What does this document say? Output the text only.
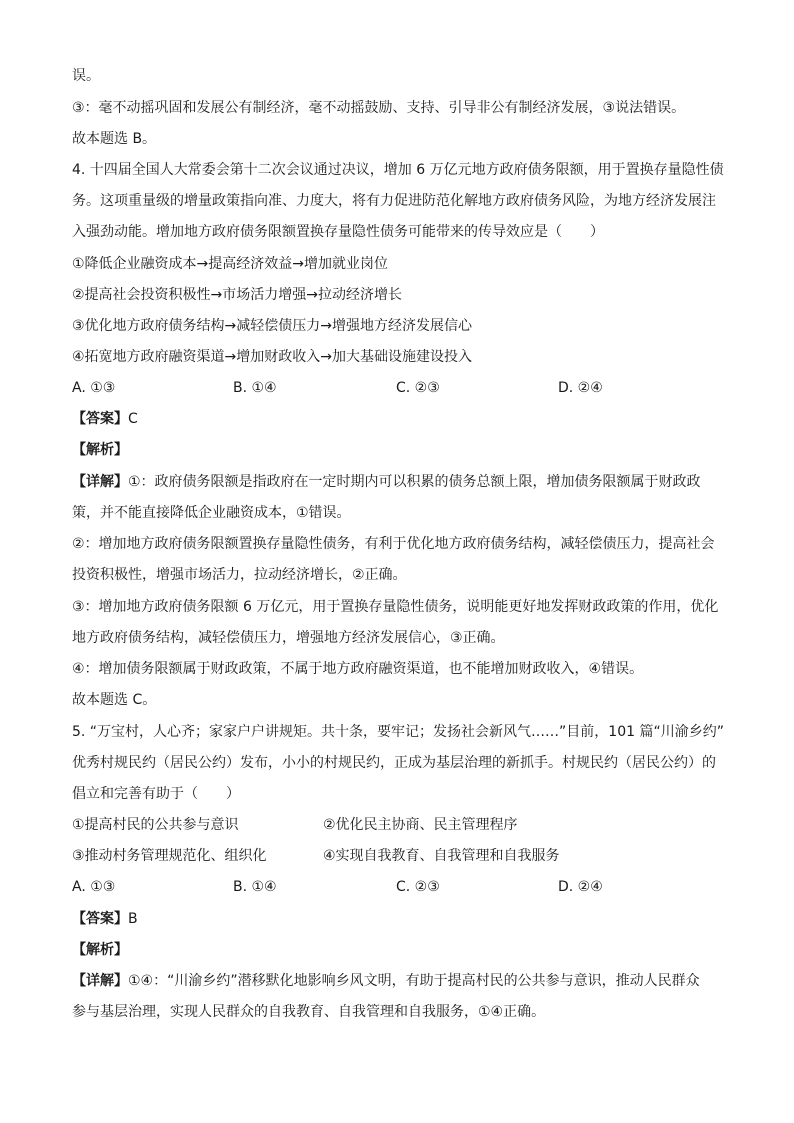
误。
③：毫不动摇巩固和发展公有制经济，毫不动摇鼓励、支持、引导非公有制经济发展，③说法错误。
故本题选 B。
4. 十四届全国人大常委会第十二次会议通过决议，增加 6 万亿元地方政府债务限额，用于置换存量隐性债
务。这项重量级的增量政策指向准、力度大，将有力促进防范化解地方政府债务风险，为地方经济发展注
入强劲动能。增加地方政府债务限额置换存量隐性债务可能带来的传导效应是（　　）
①降低企业融资成本→提高经济效益→增加就业岗位
②提高社会投资积极性→市场活力增强→拉动经济增长
③优化地方政府债务结构→减轻偿债压力→增强地方经济发展信心
④拓宽地方政府融资渠道→增加财政收入→加大基础设施建设投入
A. ①③	B. ①④	C. ②③	D. ②④
【答案】C
【解析】
【详解】①：政府债务限额是指政府在一定时期内可以积累的债务总额上限，增加债务限额属于财政政
策，并不能直接降低企业融资成本，①错误。
②：增加地方政府债务限额置换存量隐性债务，有利于优化地方政府债务结构，减轻偿债压力，提高社会
投资积极性，增强市场活力，拉动经济增长，②正确。
③：增加地方政府债务限额 6 万亿元，用于置换存量隐性债务，说明能更好地发挥财政政策的作用，优化
地方政府债务结构，减轻偿债压力，增强地方经济发展信心，③正确。
④：增加债务限额属于财政政策，不属于地方政府融资渠道，也不能增加财政收入，④错误。
故本题选 C。
5. “万宝村，人心齐；家家户户讲规矩。共十条，要牢记；发扬社会新风气……”目前，101 篇“川渝乡约”
优秀村规民约（居民公约）发布，小小的村规民约，正成为基层治理的新抓手。村规民约（居民公约）的
倡立和完善有助于（　　）
①提高村民的公共参与意识	②优化民主协商、民主管理程序
③推动村务管理规范化、组织化	④实现自我教育、自我管理和自我服务
A. ①③	B. ①④	C. ②③	D. ②④
【答案】B
【解析】
【详解】①④：“川渝乡约”潜移默化地影响乡风文明，有助于提高村民的公共参与意识，推动人民群众
参与基层治理，实现人民群众的自我教育、自我管理和自我服务，①④正确。
